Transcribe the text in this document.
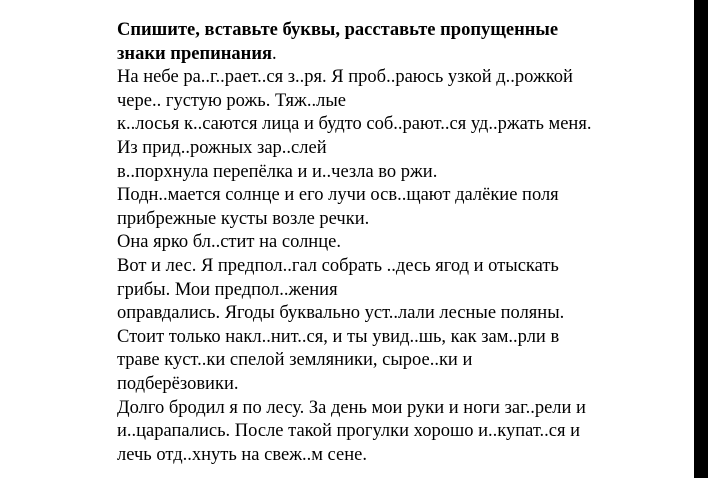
Спишите, вставьте буквы, расставьте пропущенные
знаки препинания.
На небе ра..г..рает..ся з..ря. Я проб..раюсь узкой д..рожкой
чере.. густую рожь. Тяж..лые
к..лосья к..саются лица и будто соб..рают..ся уд..ржать меня.
Из прид..рожных зар..слей
в..порхнула перепёлка и и..чезла во ржи.
Подн..мается солнце и его лучи осв..щают далёкие поля
прибрежные кусты возле речки.
Она ярко бл..стит на солнце.
Вот и лес. Я предпол..гал собрать ..десь ягод и отыскать
грибы. Мои предпол..жения
оправдались. Ягоды буквально уст..лали лесные поляны.
Стоит только накл..нит..ся, и ты увид..шь, как зам..рли в
траве куст..ки спелой земляники, сырое..ки и
подберёзовики.
Долго бродил я по лесу. За день мои руки и ноги заг..рели и
и..царапались. После такой прогулки хорошо и..купат..ся и
лечь отд..хнуть на свеж..м сене.
